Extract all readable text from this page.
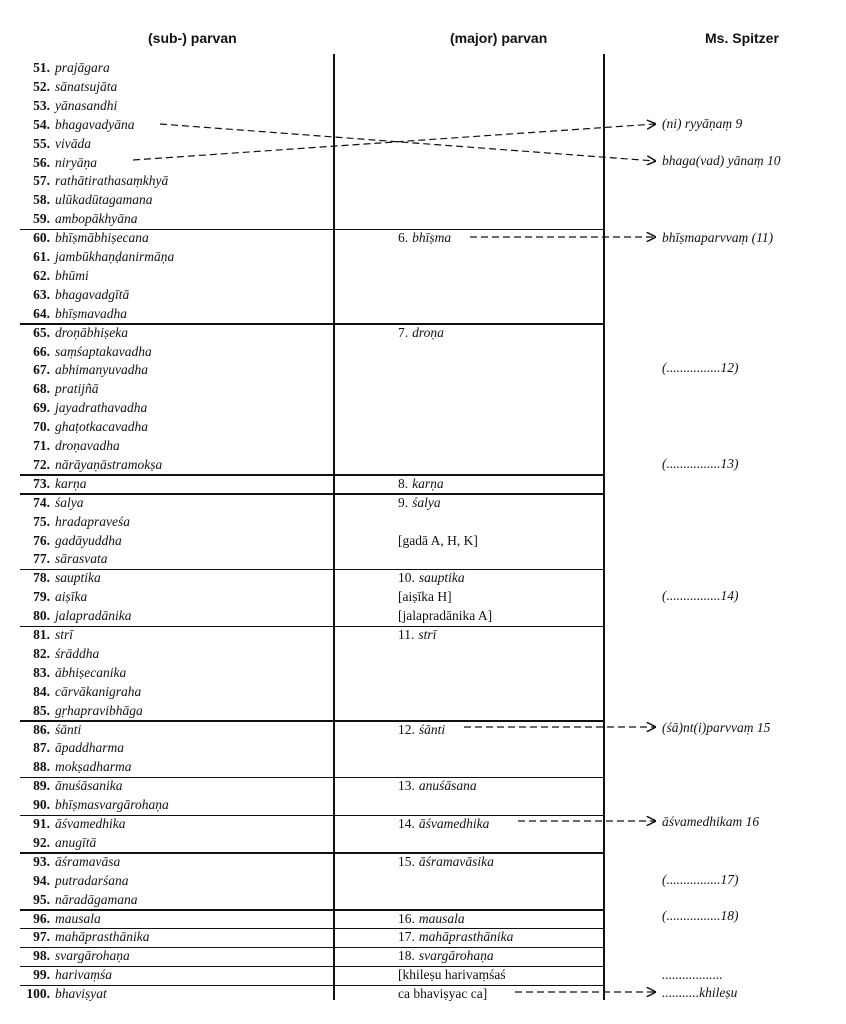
(sub-) parvan	(major) parvan	Ms. Spitzer
51. prajāgara
52. sānatsujāta
53. yānasandhi
54. bhagavadyāna
55. vivāda
56. niryāṇa
57. rathātirathasaṃkhyā
58. ulūkadūtagamana
59. ambopākhyāna
60. bhīṣmābhiṣecana
61. jambūkhaṇḍanirmāṇa
62. bhūmi
63. bhagavadgītā
64. bhīṣmavadha
65. droṇābhiṣeka
66. saṃśaptakavadha
67. abhimanyuvadha
68. pratijñā
69. jayadrathavadha
70. ghaṭotkacavadha
71. droṇavadha
72. nārāyaṇāstramokṣa
73. karṇa
74. śalya
75. hradapraveśa
76. gadāyuddha
77. sārasvata
78. sauptika
79. aiṣīka
80. jalapradānika
81. strī
82. śrāddha
83. ābhiṣecanika
84. cārvākanigraha
85. gṛhapravibhāga
86. śānti
87. āpaddharma
88. mokṣadharma
89. ānuśāsanika
90. bhīṣmasvargārohaṇa
91. āśvamedhika
92. anugītā
93. āśramavāsa
94. putradarśana
95. nāradāgamana
96. mausala
97. mahāprasthānika
98. svargārohaṇa
99. harivaṃśa
100. bhaviṣyat
6. bhīṣma
7. droṇa
8. karṇa
9. śalya
[gadā A, H, K]
10. sauptika
[aiṣīka H]
[jalapradānika A]
11. strī
12. śānti
13. anuśāsana
14. āśvamedhika
15. āśramavāsika
16. mausala
17. mahāprasthānika
18. svargārohaṇa
[khileṣu harivaṃśaś
ca bhaviṣyac ca]
(ni) ryyāṇaṃ 9
bhaga(vad) yānaṃ 10
bhīṣmaparvvaṃ (11)
(................12)
(................13)
(................14)
(śā)nt(i)parvvaṃ 15
āśvamedhikam 16
(................17)
(................18)
..................
...........khileṣu
